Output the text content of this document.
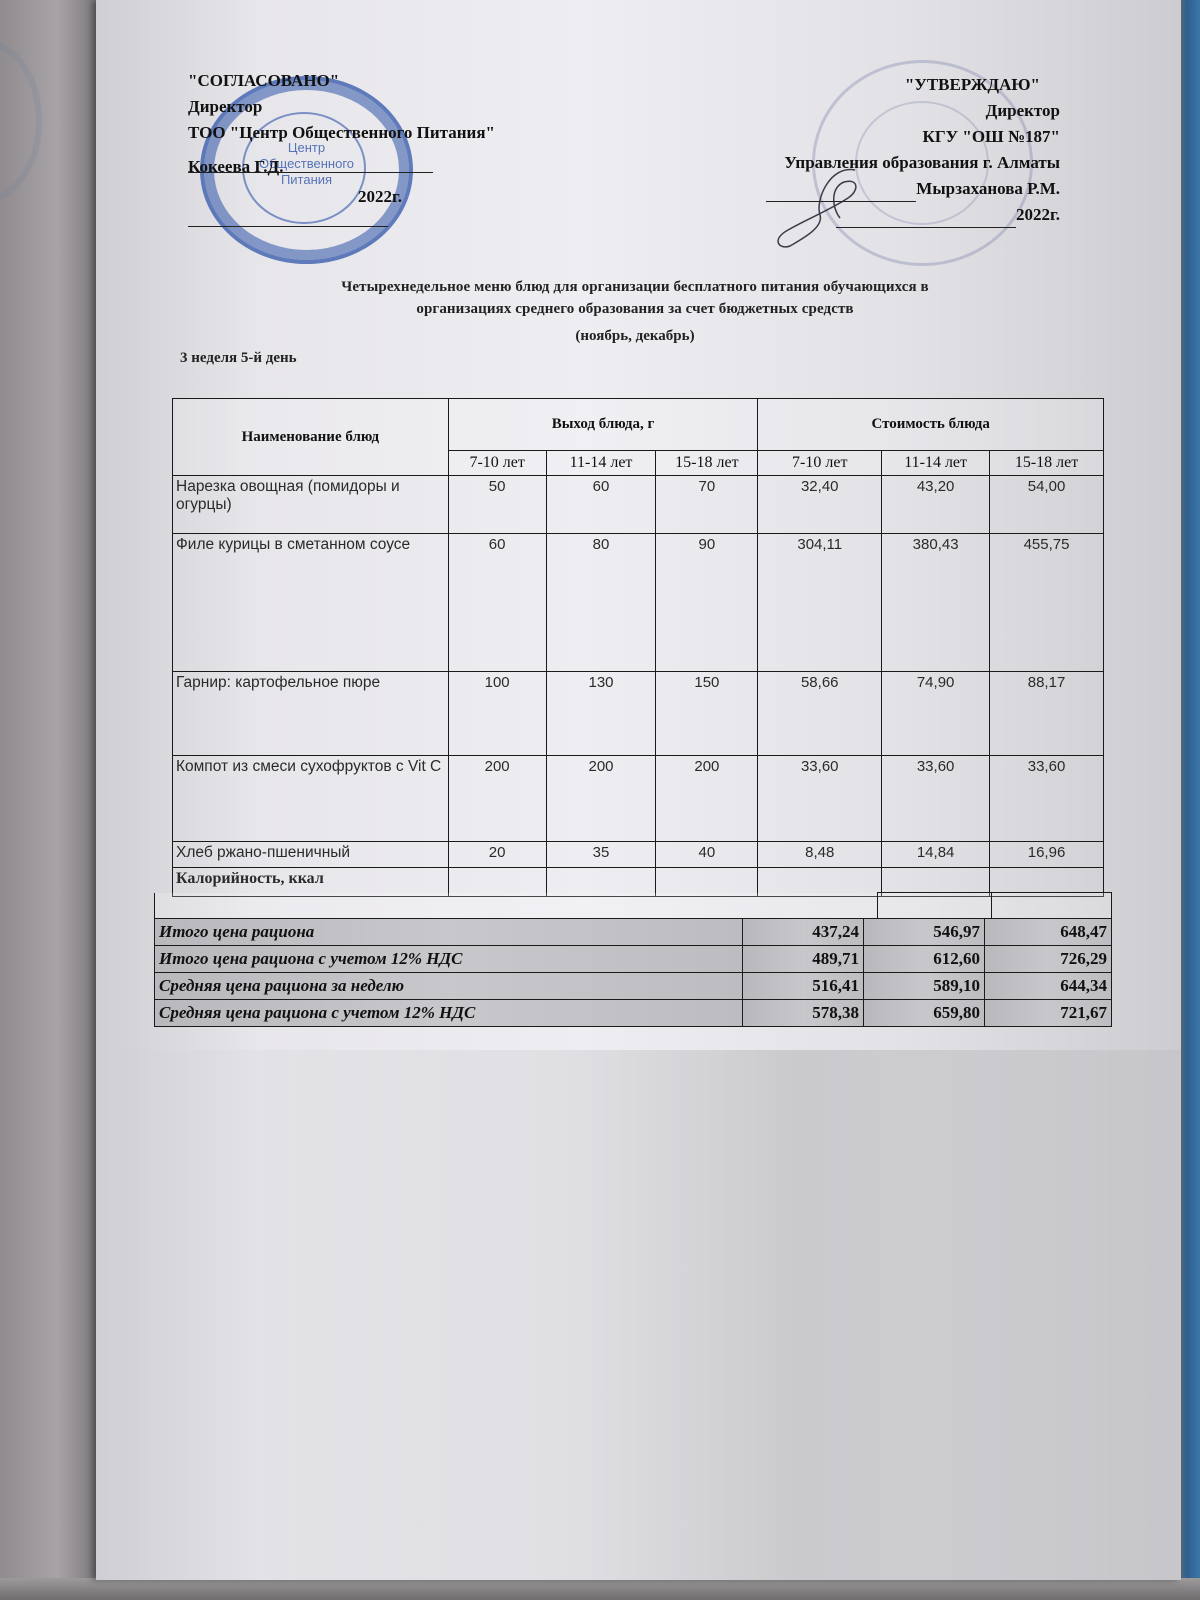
Центр
Общественного
Питания
"СОГЛАСОВАНО"
Директор
ТОО "Центр Общественного Питания"
Кокеева Г.Д.
2022г.
"УТВЕРЖДАЮ"
Директор
КГУ "ОШ №187"
Управления образования г. Алматы
Мырзаханова Р.М.
2022г.
Четырехнедельное меню блюд для организации бесплатного питания обучающихся в
организациях среднего образования за счет бюджетных средств
(ноябрь, декабрь)
3 неделя 5-й день
Наименование блюд	Выход блюда, г			Стоимость блюда		
	7-10 лет	11-14 лет	15-18 лет	7-10 лет	11-14 лет	15-18 лет
Нарезка овощная (помидоры и огурцы)	50	60	70	32,40	43,20	54,00
Филе курицы в сметанном соусе	60	80	90	304,11	380,43	455,75
Гарнир: картофельное пюре	100	130	150	58,66	74,90	88,17
Компот из смеси сухофруктов с Vit C	200	200	200	33,60	33,60	33,60
Хлеб ржано-пшеничный	20	35	40	8,48	14,84	16,96
Калорийность, ккал						

Итого цена рациона	437,24	546,97	648,47
Итого цена рациона с учетом 12% НДС	489,71	612,60	726,29
Средняя цена рациона за неделю	516,41	589,10	644,34
Средняя цена рациона с учетом 12% НДС	578,38	659,80	721,67
